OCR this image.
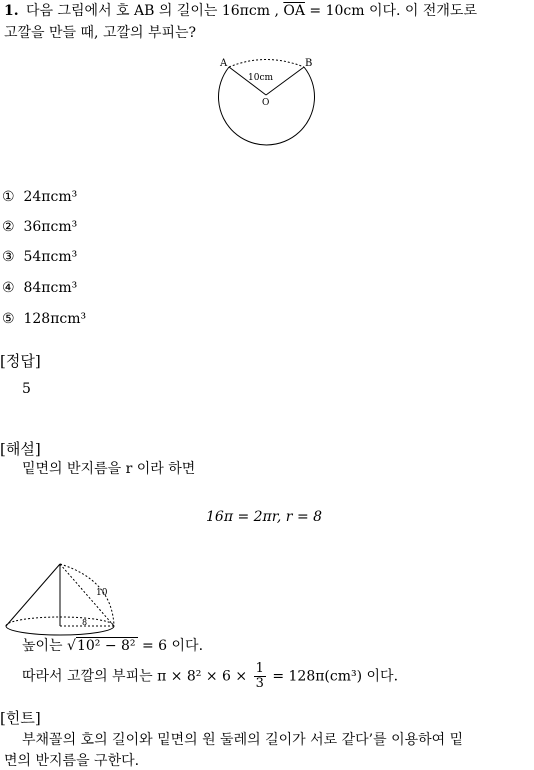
1. 다음 그림에서 호 AB 의 길이는 16πcm , $\overline{OA} = 10cm$ 이다. 이 전개도로
고깔을 만들 때, 고깔의 부피는?
A	B
O
10cm
① 24πcm³
② 36πcm³
③ 54πcm³
④ 84πcm³
⑤ 128πcm³
[정답]
5
[해설]
밑면의 반지름을 r 이라 하면
16π = 2πr, r = 8
10
8
높이는 √10² − 8² = 6 이다.
따라서 고깔의 부피는 $\pi \times 8^2 \times 6 \times \frac{1}{3} = 128\pi(cm^3)$ 이다.
[힌트]
부채꼴의 호의 길이와 밑면의 원 둘레의 길이가 서로 같다’를 이용하여 밑
면의 반지름을 구한다.
